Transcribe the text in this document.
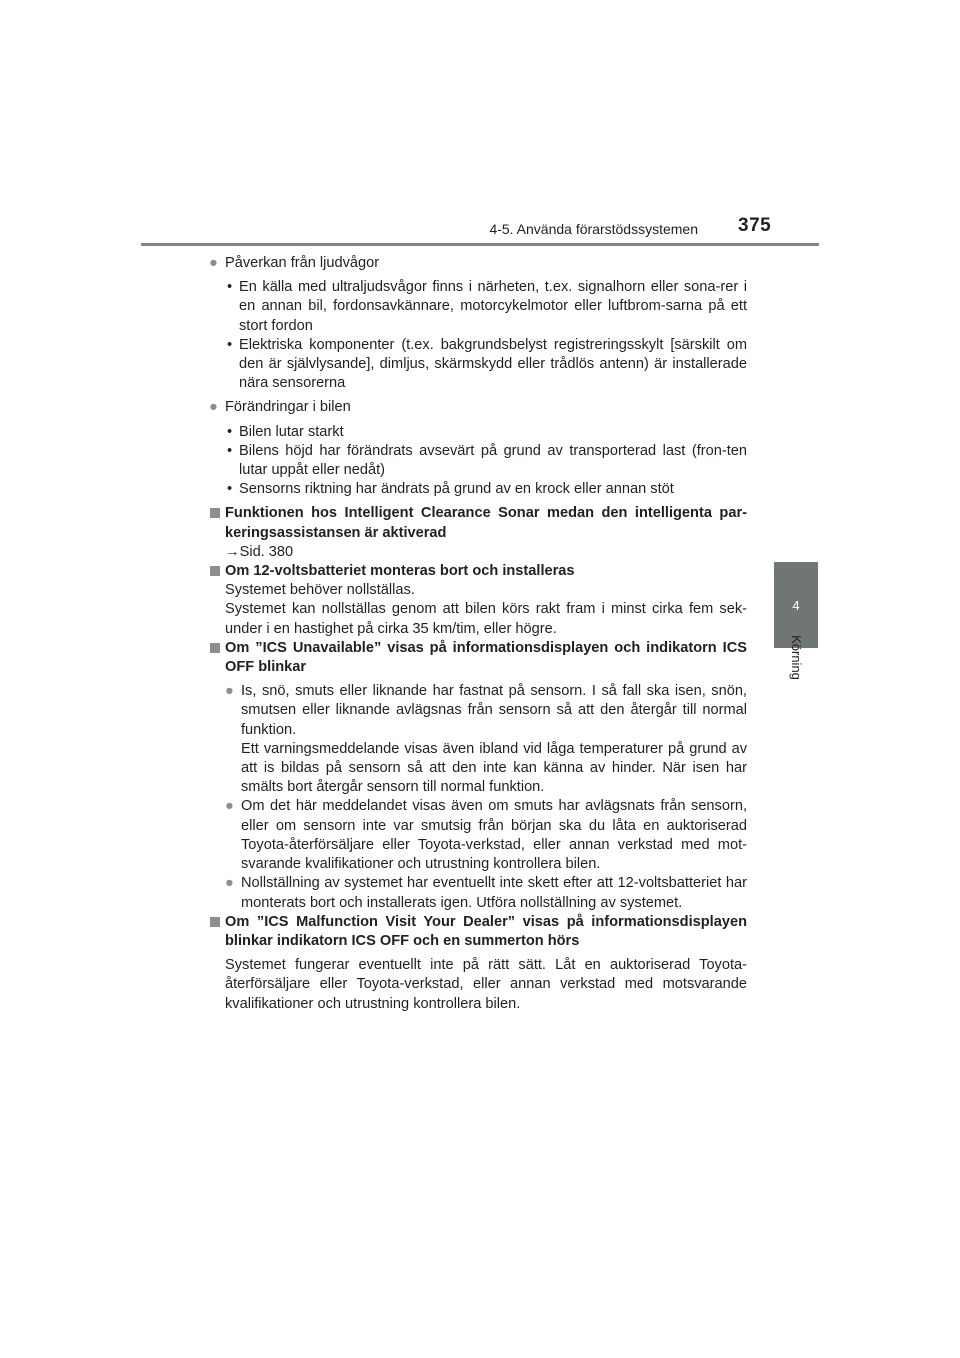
4-5. Använda förarstödssystemen 375
4
Körning

● Påverkan från ljudvågor

• En källa med ultraljudsvågor finns i närheten, t.ex. signalhorn eller sona-rer i en annan bil, fordonsavkännare, motorcykelmotor eller luftbrom-sarna på ett stort fordon
• Elektriska komponenter (t.ex. bakgrundsbelyst registreringsskylt [särskilt om den är självlysande], dimljus, skärmskydd eller trådlös antenn) är installerade nära sensorerna

● Förändringar i bilen

• Bilen lutar starkt
• Bilens höjd har förändrats avsevärt på grund av transporterad last (fron-ten lutar uppåt eller nedåt)
• Sensorns riktning har ändrats på grund av en krock eller annan stöt

Funktionen hos Intelligent Clearance Sonar medan den intelligenta par-keringsassistansen är aktiverad

→Sid. 380

Om 12-voltsbatteriet monteras bort och installeras

Systemet behöver nollställas.

Systemet kan nollställas genom att bilen körs rakt fram i minst cirka fem sek-under i en hastighet på cirka 35 km/tim, eller högre.

Om ”ICS Unavailable” visas på informationsdisplayen och indikatorn ICS OFF blinkar

● Is, snö, smuts eller liknande har fastnat på sensorn. I så fall ska isen, snön, smutsen eller liknande avlägsnas från sensorn så att den återgår till normal funktion.

Ett varningsmeddelande visas även ibland vid låga temperaturer på grund av att is bildas på sensorn så att den inte kan känna av hinder. När isen har smälts bort återgår sensorn till normal funktion.

● Om det här meddelandet visas även om smuts har avlägsnats från sensorn, eller om sensorn inte var smutsig från början ska du låta en auktoriserad Toyota-återförsäljare eller Toyota-verkstad, eller annan verkstad med mot-svarande kvalifikationer och utrustning kontrollera bilen.

● Nollställning av systemet har eventuellt inte skett efter att 12-voltsbatteriet har monterats bort och installerats igen. Utföra nollställning av systemet.

Om ”ICS Malfunction Visit Your Dealer” visas på informationsdisplayen blinkar indikatorn ICS OFF och en summerton hörs

Systemet fungerar eventuellt inte på rätt sätt. Låt en auktoriserad Toyota-återförsäljare eller Toyota-verkstad, eller annan verkstad med motsvarande kvalifikationer och utrustning kontrollera bilen.
